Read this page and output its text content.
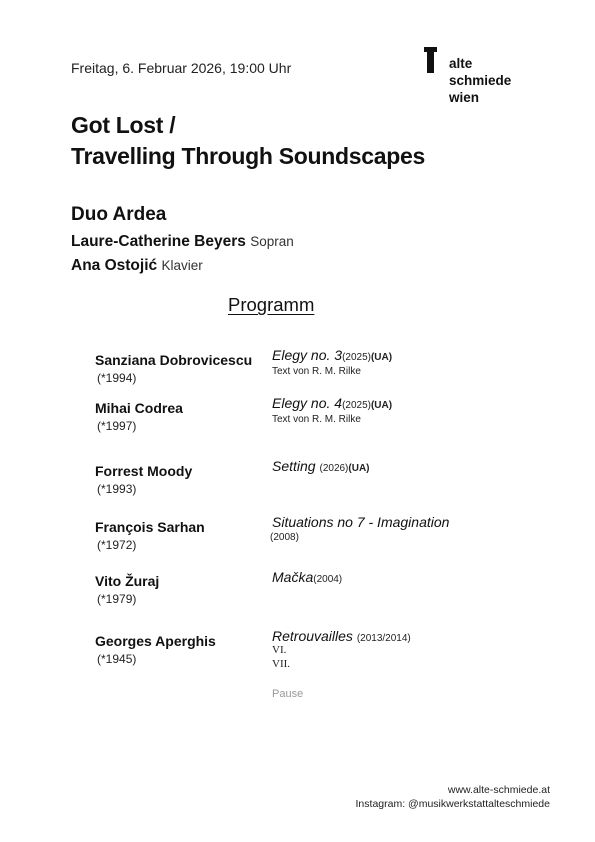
Freitag, 6. Februar 2026, 19:00 Uhr	alte
schmiede
wien
Got Lost /
Travelling Through Soundscapes
Duo Ardea
Laure-Catherine Beyers Sopran
Ana Ostojić Klavier
Programm
Sanziana Dobrovicescu
(*1994)
Elegy no. 3(2025)(UA)
Text von R. M. Rilke
Mihai Codrea
(*1997)
Elegy no. 4(2025)(UA)
Text von R. M. Rilke
Forrest Moody
(*1993)
Setting (2026)(UA)
François Sarhan
(*1972)
Situations no 7 - Imagination
(2008)
Vito Žuraj
(*1979)
Mačka(2004)
Georges Aperghis
(*1945)
Retrouvailles (2013/2014)
VI.
VII.
Pause
www.alte-schmiede.at
Instagram: @musikwerkstattalteschmiede
